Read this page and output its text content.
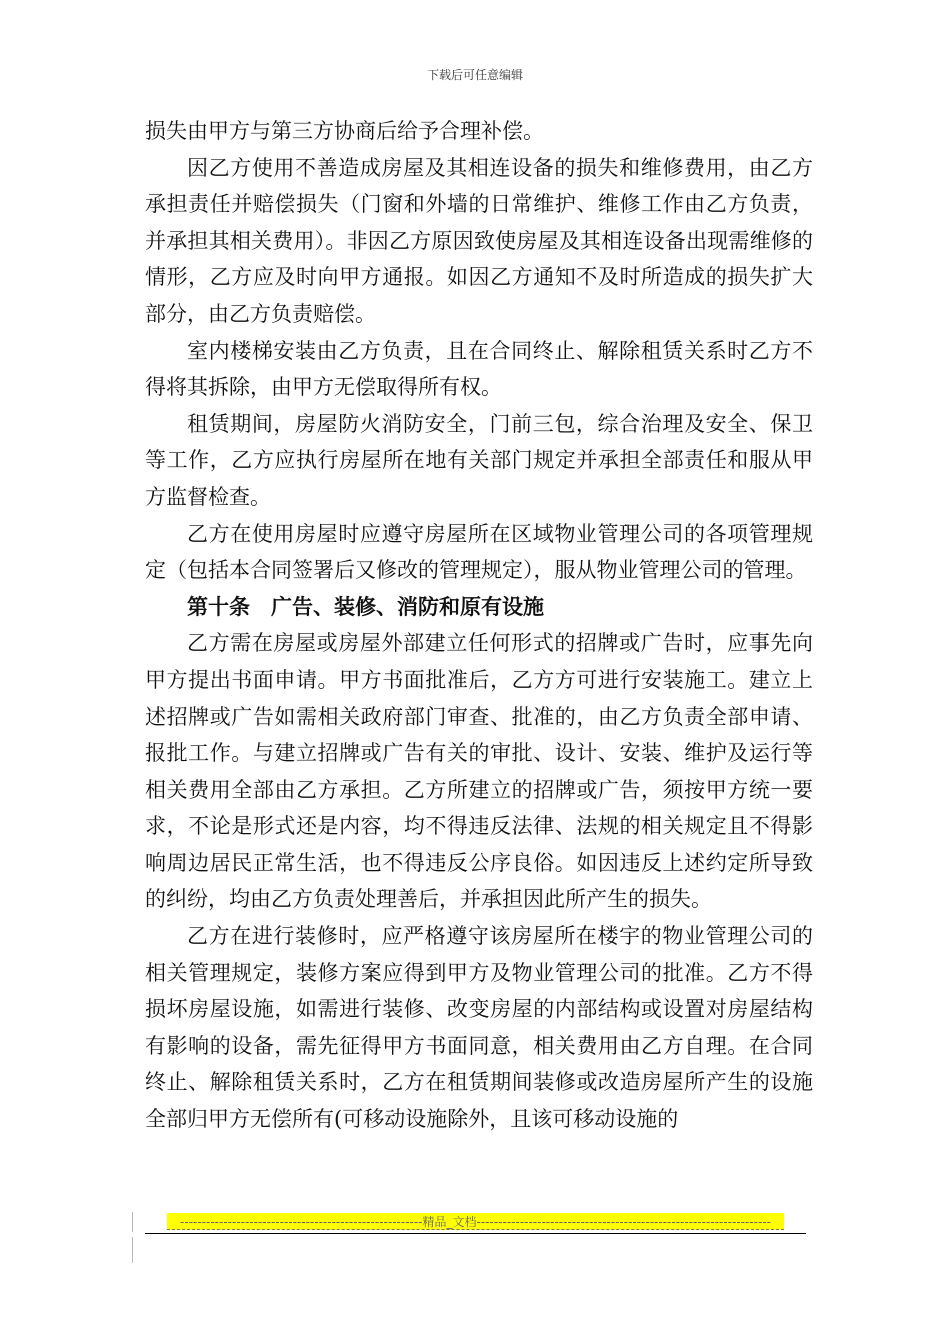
下载后可任意编辑

损失由甲方与第三方协商后给予合理补偿。

因乙方使用不善造成房屋及其相连设备的损失和维修费用，由乙方承担责任并赔偿损失（门窗和外墙的日常维护、维修工作由乙方负责，并承担其相关费用）。非因乙方原因致使房屋及其相连设备出现需维修的情形，乙方应及时向甲方通报。如因乙方通知不及时所造成的损失扩大部分，由乙方负责赔偿。

室内楼梯安装由乙方负责，且在合同终止、解除租赁关系时乙方不得将其拆除，由甲方无偿取得所有权。

租赁期间，房屋防火消防安全，门前三包，综合治理及安全、保卫等工作，乙方应执行房屋所在地有关部门规定并承担全部责任和服从甲方监督检查。

乙方在使用房屋时应遵守房屋所在区域物业管理公司的各项管理规定（包括本合同签署后又修改的管理规定），服从物业管理公司的管理。

第十条　广告、装修、消防和原有设施

乙方需在房屋或房屋外部建立任何形式的招牌或广告时，应事先向甲方提出书面申请。甲方书面批准后，乙方方可进行安装施工。建立上述招牌或广告如需相关政府部门审查、批准的，由乙方负责全部申请、报批工作。与建立招牌或广告有关的审批、设计、安装、维护及运行等相关费用全部由乙方承担。乙方所建立的招牌或广告，须按甲方统一要求，不论是形式还是内容，均不得违反法律、法规的相关规定且不得影响周边居民正常生活，也不得违反公序良俗。如因违反上述约定所导致的纠纷，均由乙方负责处理善后，并承担因此所产生的损失。

乙方在进行装修时，应严格遵守该房屋所在楼宇的物业管理公司的相关管理规定，装修方案应得到甲方及物业管理公司的批准。乙方不得损坏房屋设施，如需进行装修、改变房屋的内部结构或设置对房屋结构有影响的设备，需先征得甲方书面同意，相关费用由乙方自理。在合同终止、解除租赁关系时，乙方在租赁期间装修或改造房屋所产生的设施全部归甲方无偿所有(可移动设施除外，且该可移动设施的

--------------------------------------------------------精品_文档--------------------------------------------------------------------
